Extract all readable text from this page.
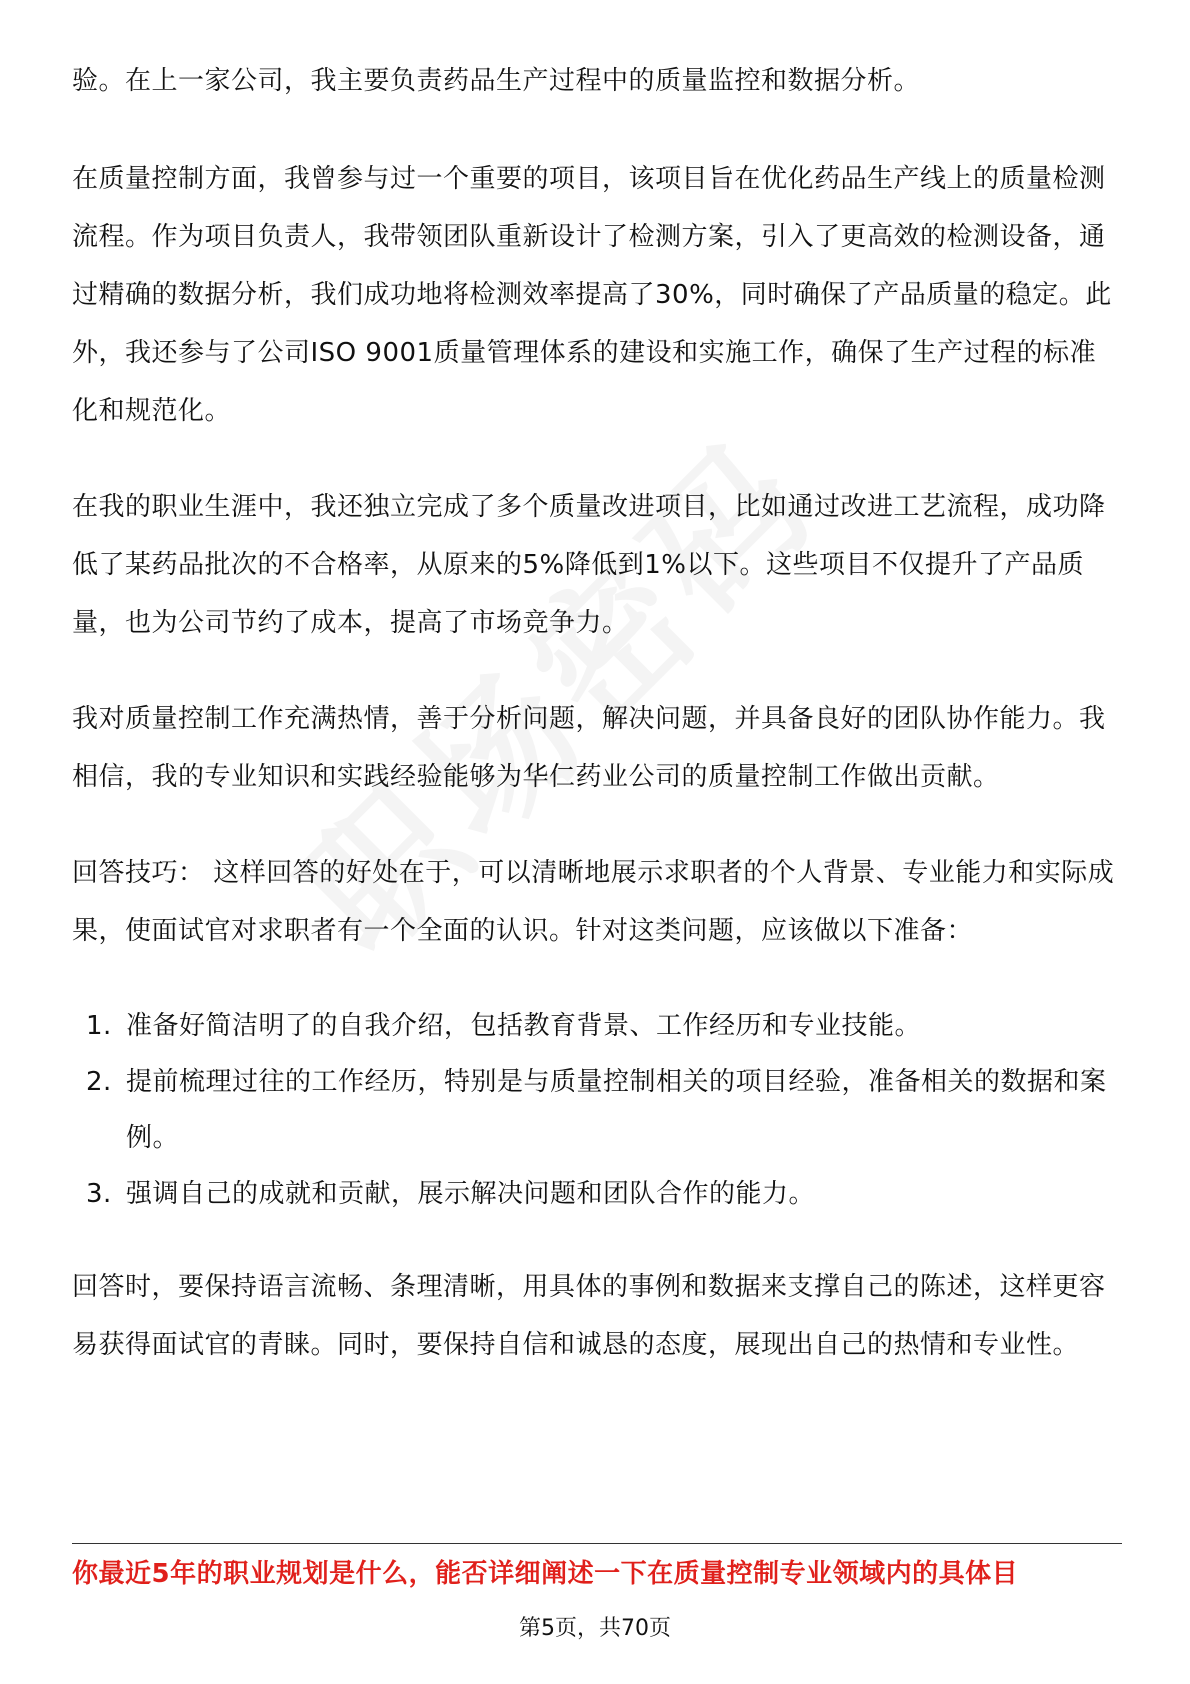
验。在上一家公司，我主要负责药品生产过程中的质量监控和数据分析。

在质量控制方面，我曾参与过一个重要的项目，该项目旨在优化药品生产线上的质量检测流程。作为项目负责人，我带领团队重新设计了检测方案，引入了更高效的检测设备，通过精确的数据分析，我们成功地将检测效率提高了30%，同时确保了产品质量的稳定。此外，我还参与了公司ISO 9001质量管理体系的建设和实施工作，确保了生产过程的标准化和规范化。

在我的职业生涯中，我还独立完成了多个质量改进项目，比如通过改进工艺流程，成功降低了某药品批次的不合格率，从原来的5%降低到1%以下。这些项目不仅提升了产品质量，也为公司节约了成本，提高了市场竞争力。

我对质量控制工作充满热情，善于分析问题，解决问题，并具备良好的团队协作能力。我相信，我的专业知识和实践经验能够为华仁药业公司的质量控制工作做出贡献。

回答技巧： 这样回答的好处在于，可以清晰地展示求职者的个人背景、专业能力和实际成果，使面试官对求职者有一个全面的认识。针对这类问题，应该做以下准备：

1. 准备好简洁明了的自我介绍，包括教育背景、工作经历和专业技能。
2. 提前梳理过往的工作经历，特别是与质量控制相关的项目经验，准备相关的数据和案例。
3. 强调自己的成就和贡献，展示解决问题和团队合作的能力。

回答时，要保持语言流畅、条理清晰，用具体的事例和数据来支撑自己的陈述，这样更容易获得面试官的青睐。同时，要保持自信和诚恳的态度，展现出自己的热情和专业性。

你最近5年的职业规划是什么，能否详细阐述一下在质量控制专业领域内的具体目
第5页，共70页
